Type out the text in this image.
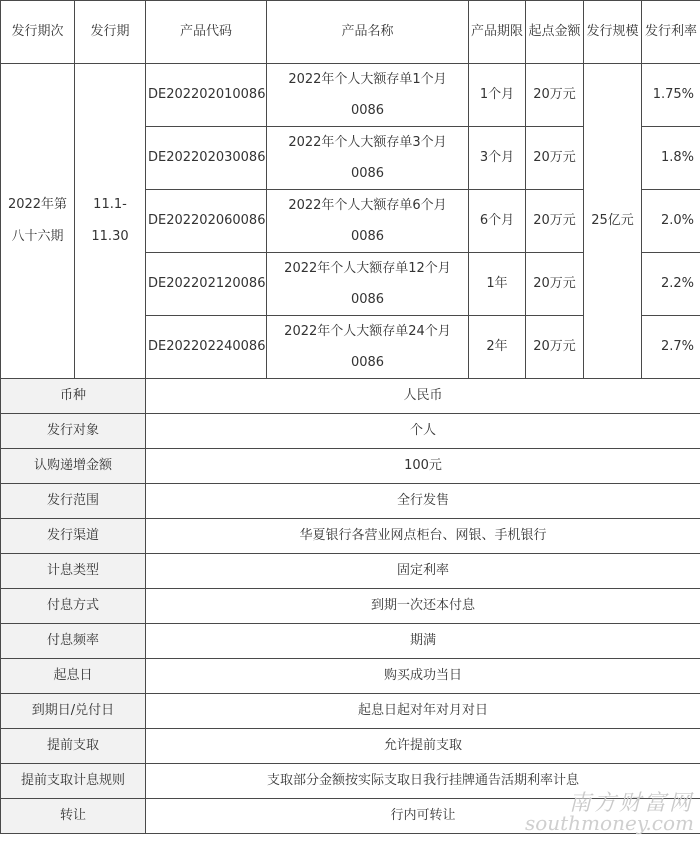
发行期次	发行期	产品代码	产品名称	产品期限	起点金额	发行规模	发行利率
2022年第八十六期	11.1-11.30	DE202202010086	2022年个人大额存单1个月0086	1个月	20万元	25亿元	1.75%
		DE202202030086	2022年个人大额存单3个月0086	3个月	20万元		1.8%
		DE202202060086	2022年个人大额存单6个月0086	6个月	20万元		2.0%
		DE202202120086	2022年个人大额存单12个月0086	1年	20万元		2.2%
		DE202202240086	2022年个人大额存单24个月0086	2年	20万元		2.7%
币种		人民币					
发行对象		个人					
认购递增金额		100元					
发行范围		全行发售					
发行渠道		华夏银行各营业网点柜台、网银、手机银行					
计息类型		固定利率					
付息方式		到期一次还本付息					
付息频率		期满					
起息日		购买成功当日					
到期日/兑付日		起息日起对年对月对日					
提前支取		允许提前支取					
提前支取计息规则		支取部分金额按实际支取日我行挂牌通告活期利率计息					
转让		行内可转让						南方财富网
southmoney.com
